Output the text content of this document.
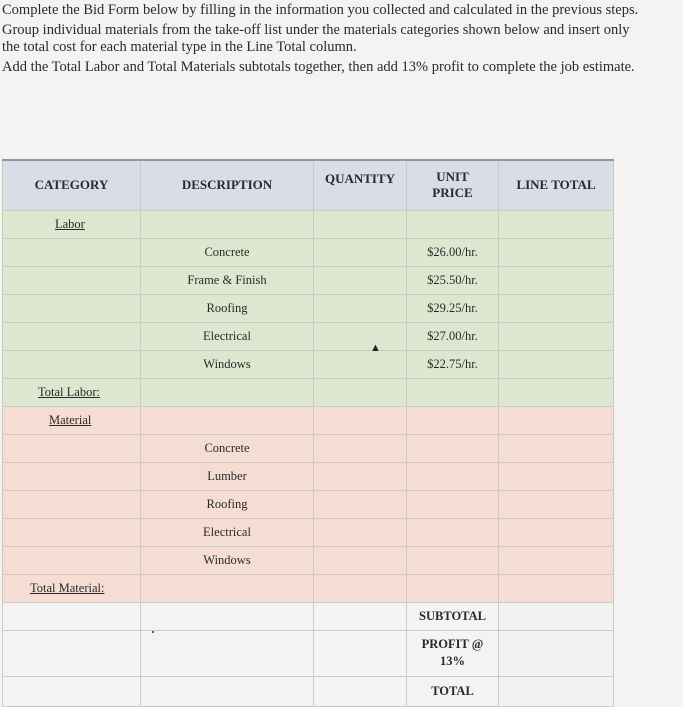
Complete the Bid Form below by filling in the information you collected and calculated in the previous steps.

Group individual materials from the take-off list under the materials categories shown below and insert only the total cost for each material type in the Line Total column.

Add the Total Labor and Total Materials subtotals together, then add 13% profit to complete the job estimate.

CATEGORY	DESCRIPTION	QUANTITY	UNIT PRICE	LINE TOTAL
Labor				
	Concrete		$26.00/hr.	
	Frame & Finish		$25.50/hr.	
	Roofing		$29.25/hr.	
	Electrical		$27.00/hr.	
	Windows		$22.75/hr.	
Total Labor:				
Material				
	Concrete			
	Lumber			
	Roofing			
	Electrical			
	Windows			
Total Material:				
			SUBTOTAL	
			PROFIT @
13%	
			TOTAL	
▲
